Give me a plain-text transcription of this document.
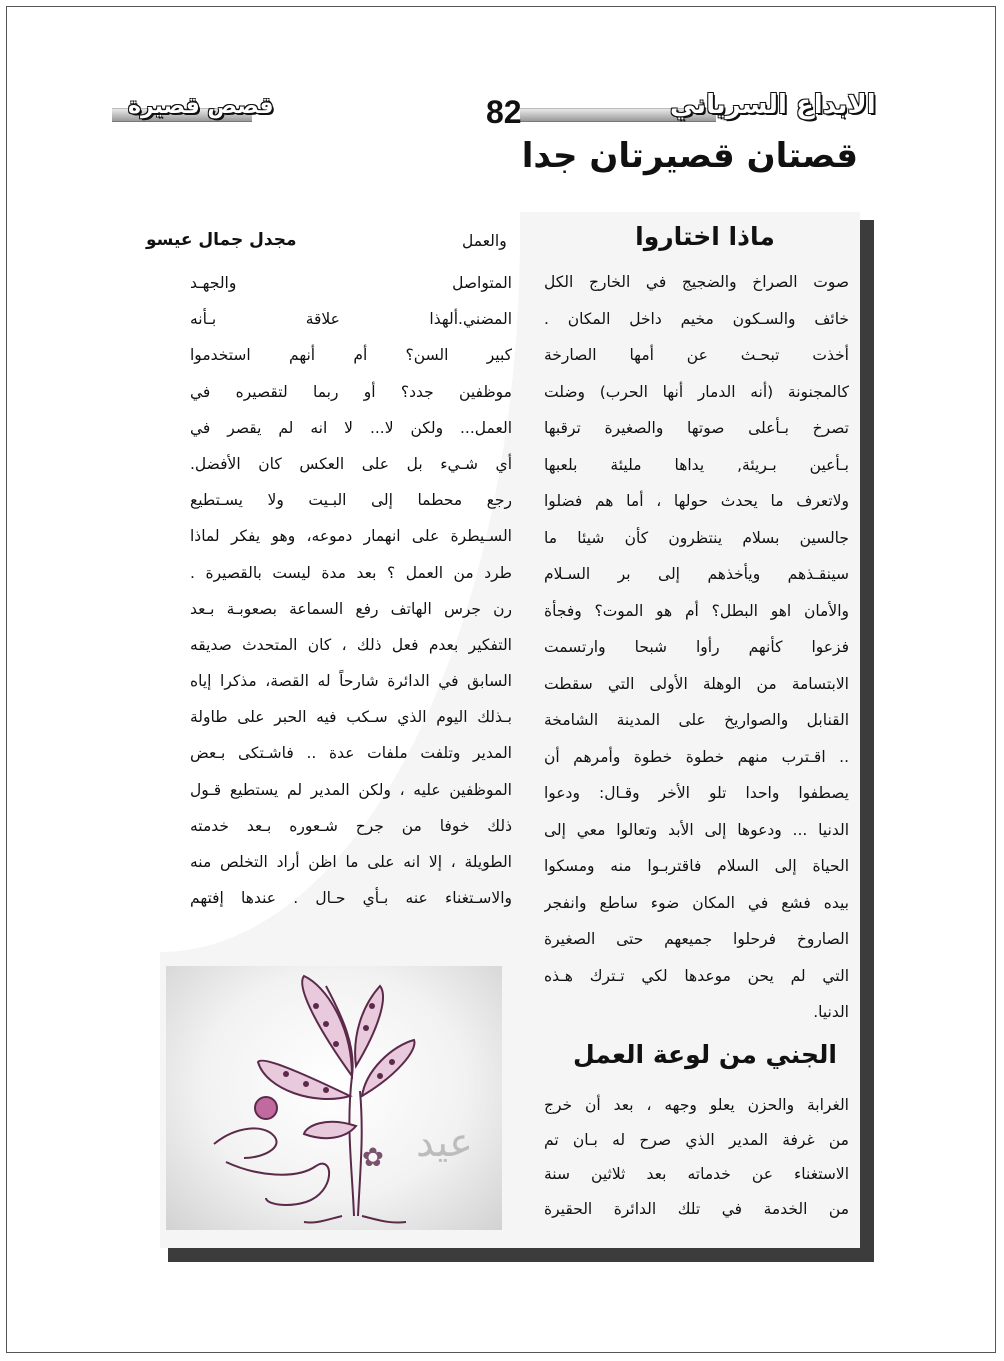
قصص قصيرة	82	الابداع السرياني
قصتان قصيرتان جدا
ماذا اختاروا
صوت الصراخ والضجيج في الخارج الكل
خائف والسـكون مخيم داخل المكان .
أخذت تبحـث عن أمها الصارخة
كالمجنونة (أنه الدمار أنها الحرب) وضلت
تصرخ بـأعلى صوتها والصغيرة ترقبها
بـأعين بـريئة, يداها مليئة بلعبها
ولاتعرف ما يحدث حولها ، أما هم فضلوا
جالسين بسلام ينتظرون كأن شيئا ما
سينقـذهم ويأخذهم إلى بر السـلام
والأمان اهو البطل؟ أم هو الموت؟ وفجأة
فزعوا كأنهم رأوا شبحا وارتسمت
الابتسامة من الوهلة الأولى التي سقطت
القنابل والصواريخ على المدينة الشامخة
.. اقـترب منهم خطوة خطوة وأمرهم أن
يصطفوا واحدا تلو الأخر وقـال: ودعوا
الدنيا ... ودعوها إلى الأبد وتعالوا معي إلى
الحياة إلى السلام فاقتربـوا منه ومسكوا
بيده فشع في المكان ضوء ساطع وانفجر
الصاروخ فرحلوا جميعهم حتى الصغيرة
التي لم يحن موعدها لكي تـترك هـذه
الدنيا.
الجني من لوعة العمل
الغرابة والحزن يعلو وجهه ، بعد أن خرج
من غرفة المدير الذي صرح له بـان تم
الاستغناء عن خدماته بعد ثلاثين سنة
من الخدمة في تلك الدائرة الحقيرة
مجدل جمال عيسو	والعمل
المتواصل والجهـد
المضني.ألهذا علاقة بـأنه
كبير السن؟ أم أنهم استخدموا
موظفين جدد؟ أو ربما لتقصيره في
العمل... ولكن لا... لا انه لم يقصر في
أي شـيء بل على العكس كان الأفضل.
رجع محطما إلى البـيت ولا يسـتطيع
السـيطرة على انهمار دموعه، وهو يفكر لماذا
طرد من العمل ؟ بعد مدة ليست بالقصيرة .
رن جرس الهاتف رفع السماعة بصعوبـة بـعد
التفكير بعدم فعل ذلك ، كان المتحدث صديقه
السابق في الدائرة شارحاً له القصة، مذكرا إياه
بـذلك اليوم الذي سـكب فيه الحبر على طاولة
المدير وتلفت ملفات عدة .. فاشـتكى بـعض
الموظفين عليه ، ولكن المدير لم يستطيع قـول
ذلك خوفا من جرح شـعوره بـعد خدمته
الطويلة ، إلا انه على ما اظن أراد التخلص منه
والاسـتغناء عنه بـأي حـال . عندها إفتهم
عيد
✿
